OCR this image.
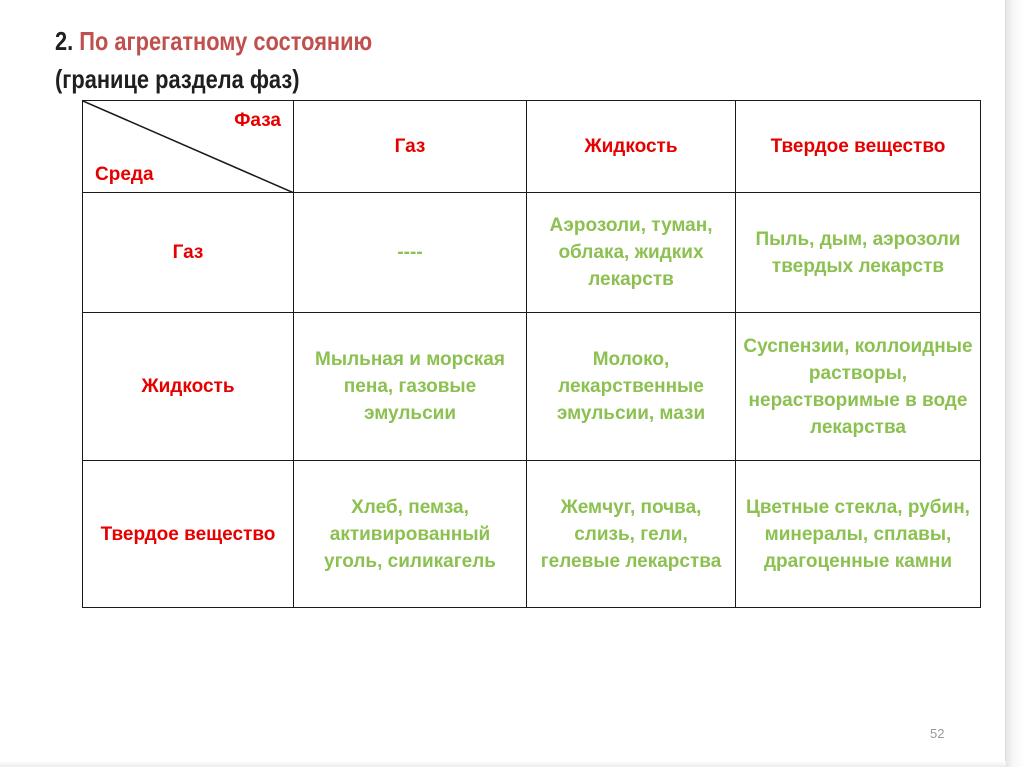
2. По агрегатному состоянию
(границе раздела фаз)
Фаза
Среда	Газ	Жидкость	Твердое вещество
Газ	----	Аэрозоли, туман, облака, жидких лекарств	Пыль, дым, аэрозоли твердых лекарств
Жидкость	Мыльная и морская пена, газовые эмульсии	Молоко, лекарственные эмульсии, мази	Суспензии, коллоидные растворы, нерастворимые в воде лекарства
Твердое вещество	Хлеб, пемза, активированный уголь, силикагель	Жемчуг, почва, слизь, гели, гелевые лекарства	Цветные стекла, рубин, минералы, сплавы, драгоценные камни
52
